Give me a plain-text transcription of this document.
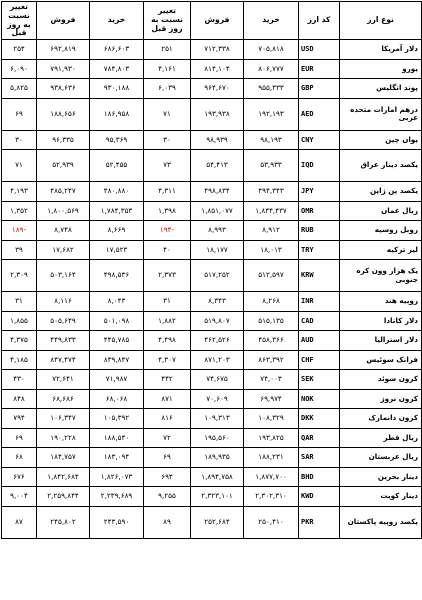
نوع ارز	کد ارز	خرید	فروش	تغییر نسبت به روز قبل	خرید	فروش	تغییر نسبت به روز قبل
دلار آمریکا	USD	۷۰۵,۸۱۸	۷۱۲,۳۳۸	۲۵۱	۶۸۶,۶۰۳	۶۹۲,۸۱۹	۲۵۴
یورو	EUR	۸۰۶,۷۷۷	۸۱۴,۱۰۴	۴,۱۶۱	۷۸۴,۸۰۳	۷۹۱,۹۳۰	۶,۰۹۰
پوند انگلیس	GBP	۹۵۵,۳۳۳	۹۶۴,۶۷۰	۶,۰۳۹	۹۳۰,۱۸۸	۹۳۸,۶۳۶	۵,۸۲۵
درهم امارات متحده عربی	AED	۱۹۲,۱۹۳	۱۹۳,۹۳۸	۷۱	۱۸۶,۹۵۸	۱۸۸,۶۵۶	۶۹
یوان چین	CNY	۹۸,۱۹۳	۹۸,۹۳۹	۳۰	۹۵,۳۶۹	۹۶,۳۳۵	۳۰
یکصد دینار عراق	IQD	۵۳,۹۳۳	۵۴,۴۱۳	۷۳	۵۲,۴۵۵	۵۲,۹۳۹	۷۱
یکصد ین ژاپن	JPY	۴۹۴,۳۴۳	۴۹۸,۸۳۴	۴,۳۱۱	۴۸۰,۸۸۰	۴۸۵,۲۴۷	۴,۱۹۳
ریال عمان	OMR	۱,۸۳۴,۴۳۷	۱,۸۵۱,۰۷۷	۱,۳۹۸	۱,۷۸۴,۳۵۳	۱,۸۰۰,۵۶۹	۱,۳۵۲
روبل روسیه	RUB	۸,۹۱۲	۸,۹۹۳	-۱۹۴	۸,۶۶۹	۸,۷۴۸	-۱۸۹
لیر ترکیه	TRY	۱۸,۰۱۳	۱۸,۱۷۷	۴۰	۱۷,۵۲۳	۱۷,۶۸۲	۳۹
یک هزار وون کره جنوبی	KRW	۵۱۲,۵۹۷	۵۱۷,۲۵۲	۲,۳۷۳	۴۹۸,۵۳۶	۵۰۳,۱۶۴	۲,۳۰۹
روپیه هند	INR	۸,۲۶۸	۸,۳۴۳	۳۱	۸,۰۴۳	۸,۱۱۶	۳۱
دلار کانادا	CAD	۵۱۵,۱۳۵	۵۱۹,۸۰۷	۱,۸۸۲	۵۰۱,۰۹۸	۵۰۵,۶۴۹	۱,۸۵۵
دلار استرالیا	AUD	۴۵۸,۳۶۶	۴۶۲,۵۲۶	۴,۴۹۸	۴۴۵,۷۸۵	۴۴۹,۸۳۳	۴,۳۷۵
فرانک سوئیس	CHF	۸۶۳,۳۹۲	۸۷۱,۲۰۳	۴,۳۰۷	۸۳۹,۸۴۷	۸۴۷,۴۷۴	۴,۱۸۵
کرون سوئد	SEK	۷۴,۰۰۳	۷۴,۶۷۵	۴۴۲	۷۱,۹۸۷	۷۲,۶۴۱	۴۳۰
کرون نروژ	NOK	۶۹,۹۷۴	۷۰,۶۰۹	۸۷۱	۶۸,۰۶۸	۶۸,۶۸۶	۸۴۸
کرون دانمارک	DKK	۱۰۸,۳۲۹	۱۰۹,۳۱۳	۸۱۶	۱۰۵,۳۹۲	۱۰۶,۳۴۷	۷۹۴
ریال قطر	QAR	۱۹۳,۸۲۵	۱۹۵,۵۶۰	۷۲	۱۸۸,۵۴۰	۱۹۰,۲۲۸	۶۹
ریال عربستان	SAR	۱۸۸,۲۳۱	۱۸۹,۹۳۵	۶۹	۱۸۳,۰۹۴	۱۸۴,۷۵۷	۶۸
دینار بحرین	BHD	۱,۸۷۷,۷۰۰	۱,۸۹۴,۷۵۸	۶۹۴	۱,۸۲۶,۰۷۳	۱,۸۴۲,۶۸۴	۶۷۶
دینار کویت	KWD	۲,۳۰۲,۳۱۰	۲,۳۲۳,۱۰۱	۹,۲۵۵	۲,۲۳۹,۶۸۹	۲,۲۵۹,۸۴۴	۹,۰۰۴
یکصد روپیه پاکستان	PKR	۲۵۰,۴۱۰	۲۵۲,۶۸۴	۸۹	۲۴۳,۵۹۰	۲۴۵,۸۰۲	۸۷
